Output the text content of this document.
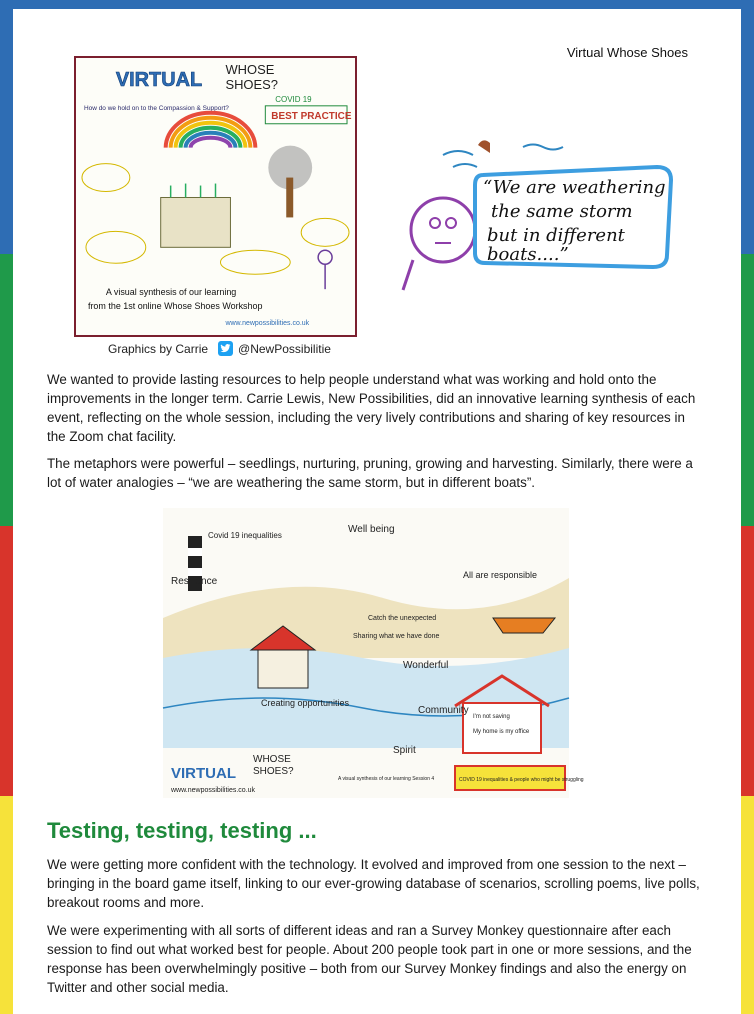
Virtual Whose Shoes
VIRTUAL WHOSE
SHOES?
How do we hold on to the Compassion & Support?
COVID 19
BEST PRACTICE
A visual synthesis of our learning
from the 1st online Whose Shoes Workshop
www.newpossibilities.co.uk
“We are weathering
the same storm
but in different
boats....”
Graphics by Carrie	@NewPossibilitie

We wanted to provide lasting resources to help people understand what was working and hold onto the improvements in the longer term. Carrie Lewis, New Possibilities, did an innovative learning synthesis of each event, reflecting on the whole session, including the very lively contributions and sharing of key resources in the Zoom chat facility.

The metaphors were powerful – seedlings, nurturing, pruning, growing and harvesting. Similarly, there were a lot of water analogies – “we are weathering the same storm, but in different boats”.

Covid 19 inequalities
Resilience
Well being
All are responsible
Catch the unexpected
Sharing what we have done
Wonderful
Creating opportunities
Community
Spirit
I'm not saving
My home is my office
COVID 19 inequalities & people who might be struggling
VIRTUAL
WHOSE
SHOES?
www.newpossibilities.co.uk
A visual synthesis of our learning Session 4
Testing, testing, testing ...

We were getting more confident with the technology. It evolved and improved from one session to the next – bringing in the board game itself, linking to our ever-growing database of scenarios, scrolling poems, live polls, breakout rooms and more.

We were experimenting with all sorts of different ideas and ran a Survey Monkey questionnaire after each session to find out what worked best for people. About 200 people took part in one or more sessions, and the response has been overwhelmingly positive – both from our Survey Monkey findings and also the energy on Twitter and other social media.
